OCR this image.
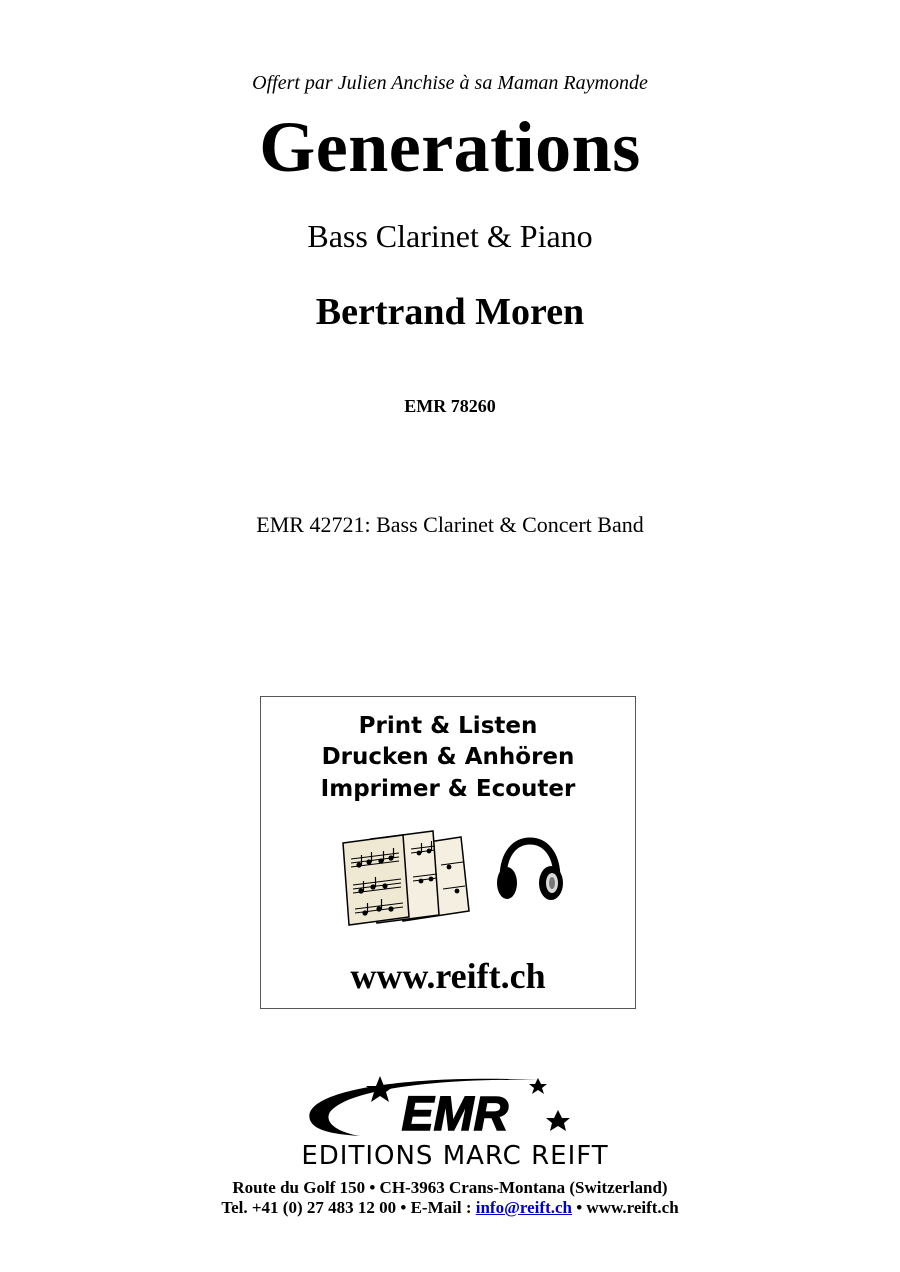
Offert par Julien Anchise à sa Maman Raymonde
Generations
Bass Clarinet & Piano
Bertrand Moren
EMR 78260
EMR 42721: Bass Clarinet & Concert Band
Print & Listen
Drucken & Anhören
Imprimer & Ecouter
www.reift.ch
EMR
EDITIONS MARC REIFT
Route du Golf 150 • CH-3963 Crans-Montana (Switzerland)
Tel. +41 (0) 27 483 12 00 • E-Mail : info@reift.ch • www.reift.ch
